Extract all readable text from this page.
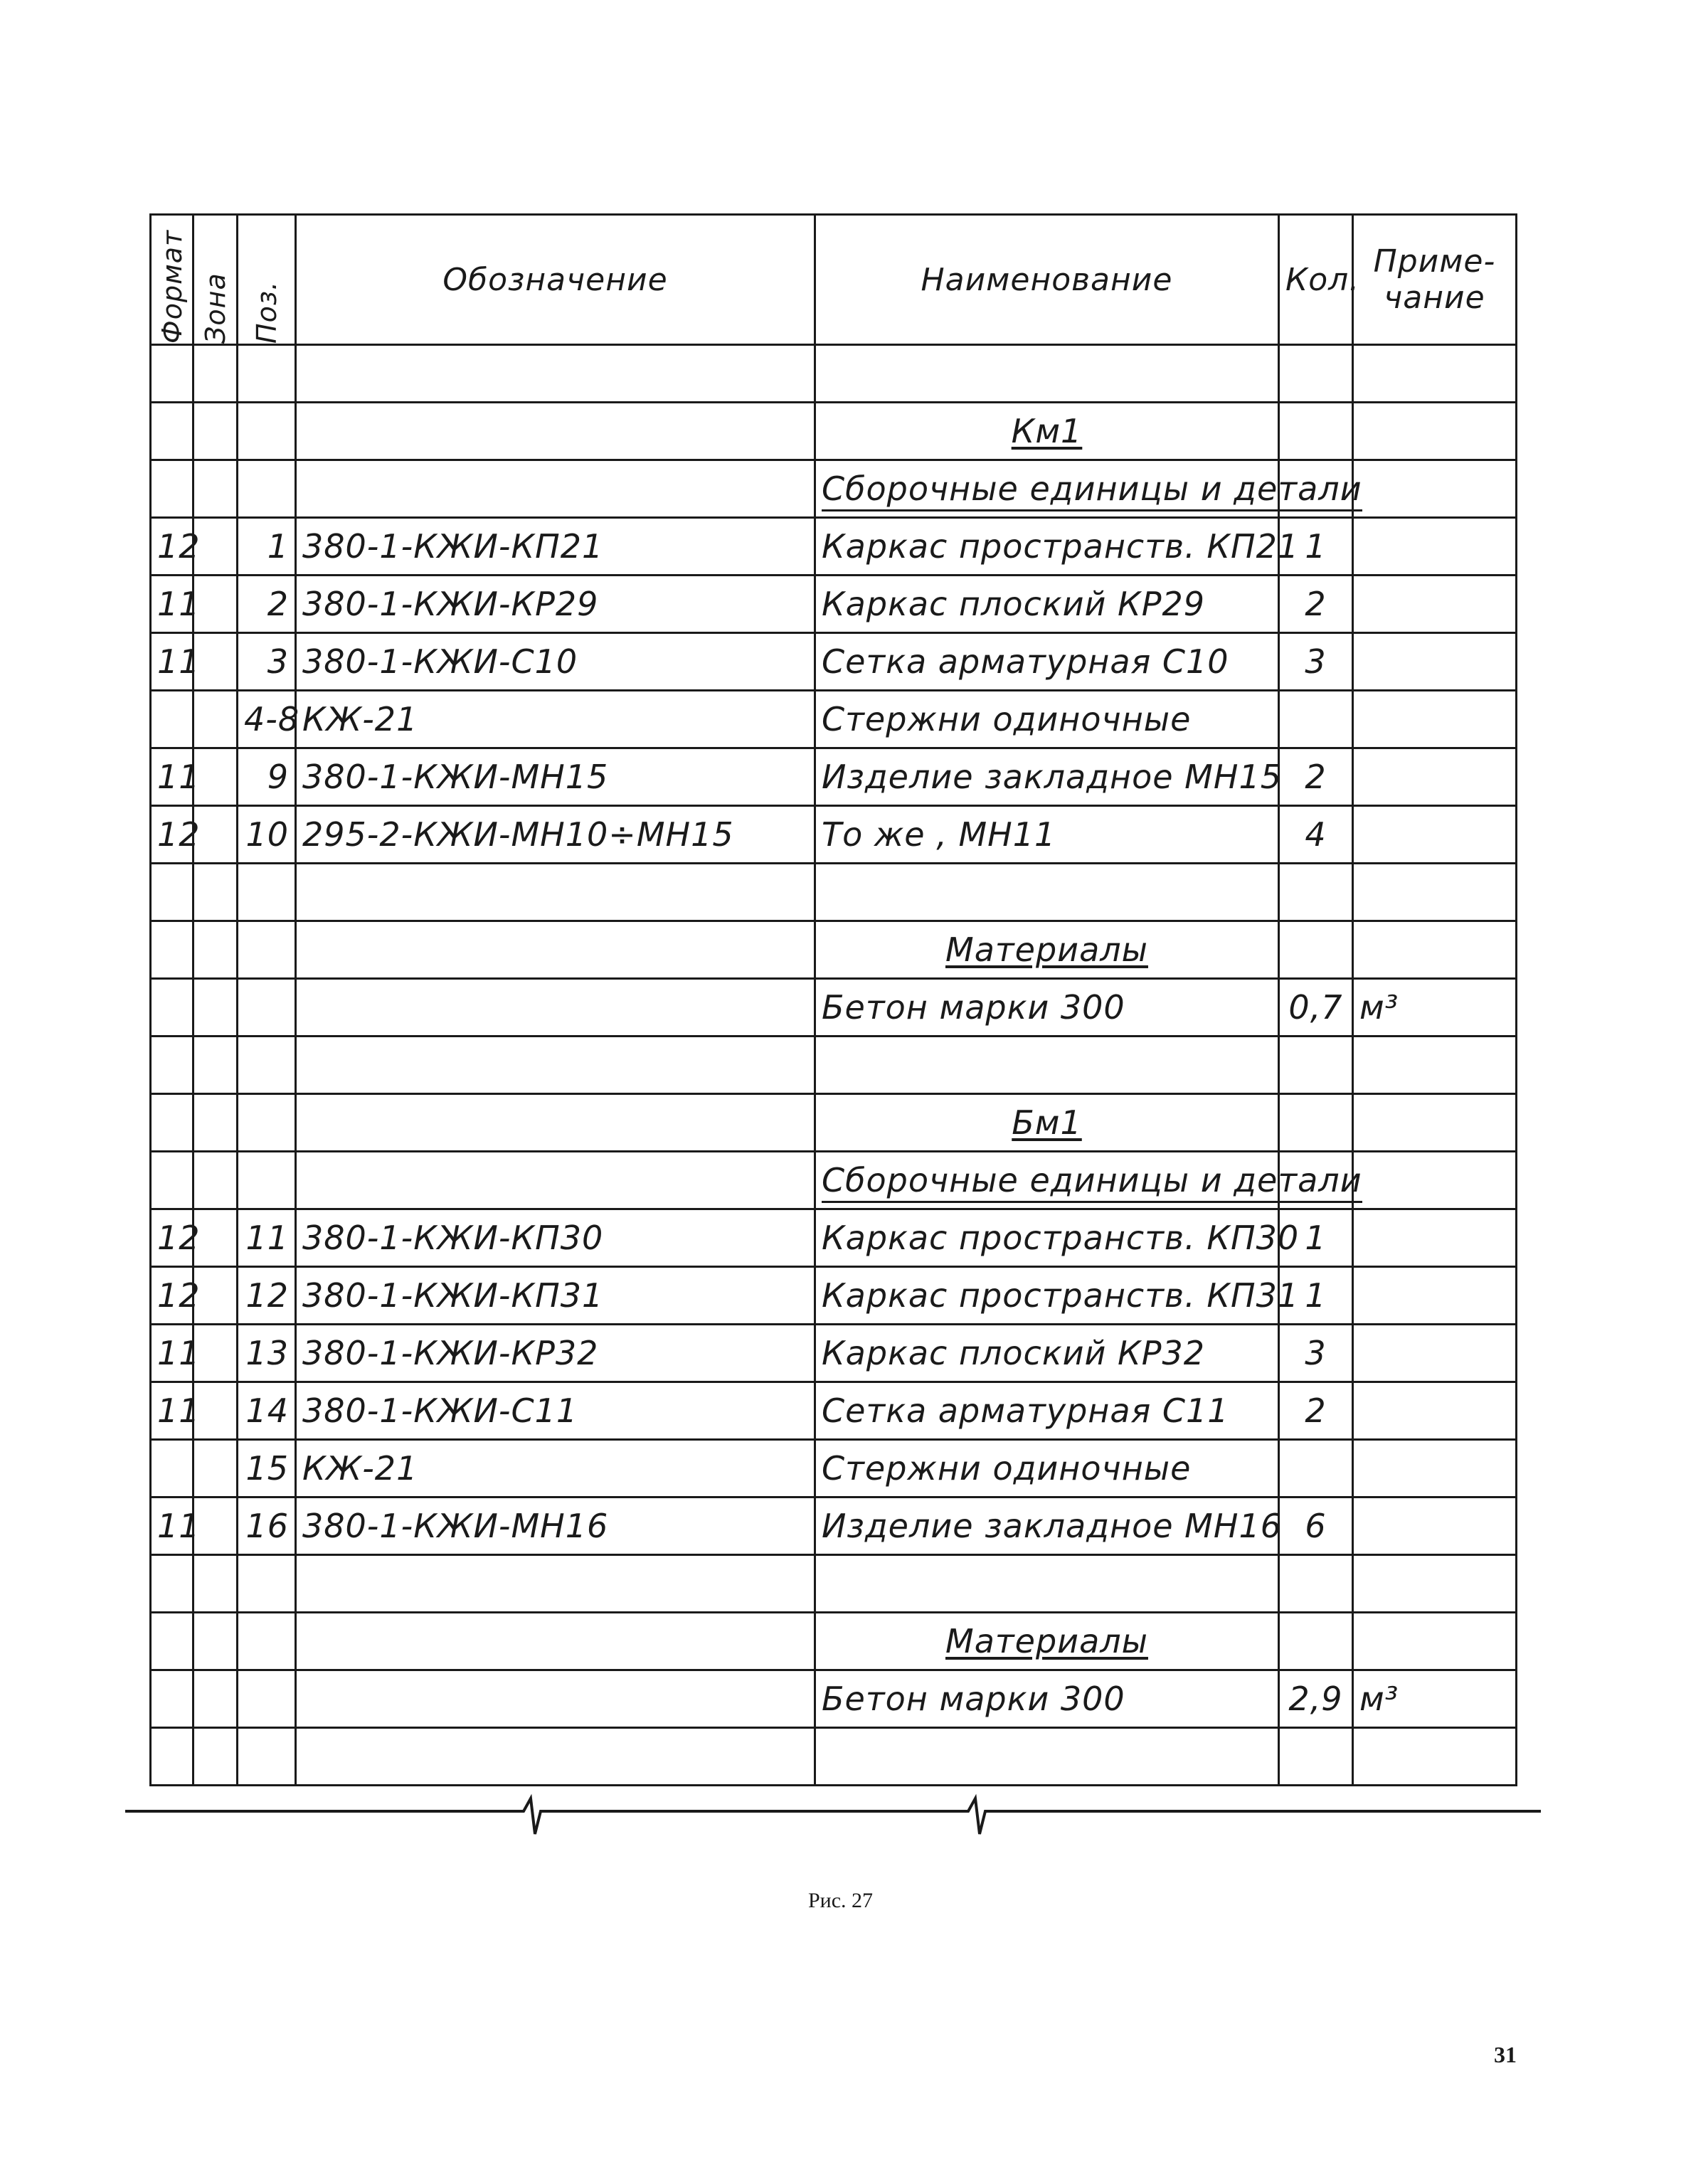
Формат	Зона	Поз.	Обозначение	Наименование	Кол.	Приме-
чание

				Км1		
				Сборочные единицы и детали		
12		1	380-1-КЖИ-КП21	Каркас пространств. КП21	1	
11		2	380-1-КЖИ-КР29	Каркас плоский КР29	2	
11		3	380-1-КЖИ-С10	Сетка арматурная С10	3	
		4-8	КЖ-21	Стержни одиночные		
11		9	380-1-КЖИ-МН15	Изделие закладное МН15	2	
12		10	295-2-КЖИ-МН10÷МН15	То же , МН11	4	

				Материалы		
				Бетон марки 300	0,7	м³

				Бм1		
				Сборочные единицы и детали		
12		11	380-1-КЖИ-КП30	Каркас пространств. КП30	1	
12		12	380-1-КЖИ-КП31	Каркас пространств. КП31	1	
11		13	380-1-КЖИ-КР32	Каркас плоский КР32	3	
11		14	380-1-КЖИ-С11	Сетка арматурная С11	2	
		15	КЖ-21	Стержни одиночные		
11		16	380-1-КЖИ-МН16	Изделие закладное МН16	6	

				Материалы		
				Бетон марки 300	2,9	м³

Рис. 27
31
